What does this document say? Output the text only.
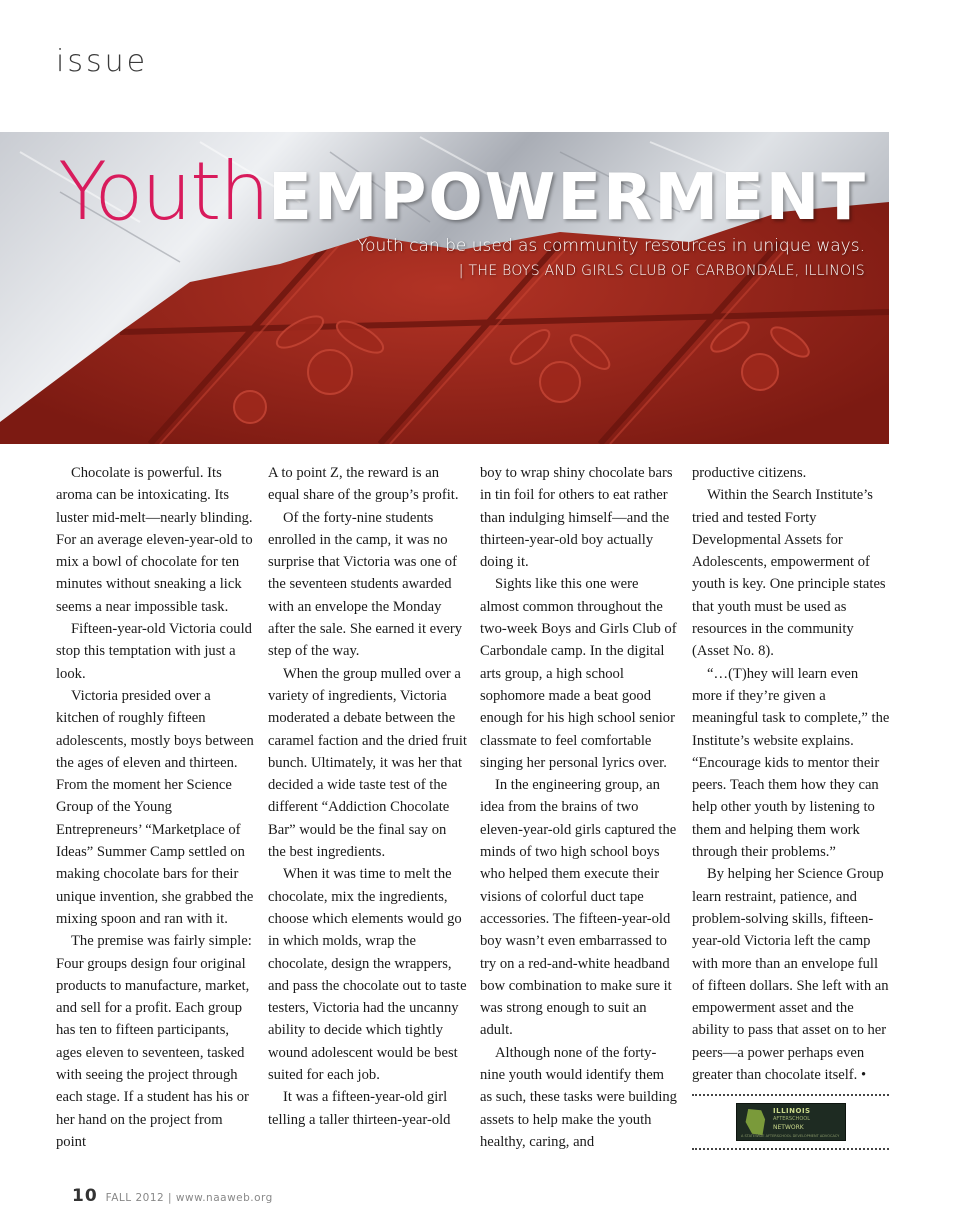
issue
YouthEMPOWERMENT
Youth can be used as community resources in unique ways.
| THE BOYS AND GIRLS CLUB OF CARBONDALE, ILLINOIS

Chocolate is powerful. Its aroma can be intoxicating. Its luster mid-melt—nearly blinding. For an average eleven-year-old to mix a bowl of chocolate for ten minutes without sneaking a lick seems a near impossible task.

Fifteen-year-old Victoria could stop this temptation with just a look.

Victoria presided over a kitchen of roughly fifteen adolescents, mostly boys between the ages of eleven and thirteen. From the moment her Science Group of the Young Entrepreneurs’ “Marketplace of Ideas” Summer Camp settled on making chocolate bars for their unique invention, she grabbed the mixing spoon and ran with it.

The premise was fairly simple: Four groups design four original products to manufacture, market, and sell for a profit. Each group has ten to fifteen participants, ages eleven to seventeen, tasked with seeing the project through each stage. If a student has his or her hand on the project from point

A to point Z, the reward is an equal share of the group’s profit.

Of the forty-nine students enrolled in the camp, it was no surprise that Victoria was one of the seventeen students awarded with an envelope the Monday after the sale. She earned it every step of the way.

When the group mulled over a variety of ingredients, Victoria moderated a debate between the caramel faction and the dried fruit bunch. Ultimately, it was her that decided a wide taste test of the different “Addiction Chocolate Bar” would be the final say on the best ingredients.

When it was time to melt the chocolate, mix the ingredients, choose which elements would go in which molds, wrap the chocolate, design the wrappers, and pass the chocolate out to taste testers, Victoria had the uncanny ability to decide which tightly wound adolescent would be best suited for each job.

It was a fifteen-year-old girl telling a taller thirteen-year-old

boy to wrap shiny chocolate bars in tin foil for others to eat rather than indulging himself—and the thirteen-year-old boy actually doing it.

Sights like this one were almost common throughout the two-week Boys and Girls Club of Carbondale camp. In the digital arts group, a high school sophomore made a beat good enough for his high school senior classmate to feel comfortable singing her personal lyrics over.

In the engineering group, an idea from the brains of two eleven-year-old girls captured the minds of two high school boys who helped them execute their visions of colorful duct tape accessories. The fifteen-year-old boy wasn’t even embarrassed to try on a red-and-white headband bow combination to make sure it was strong enough to suit an adult.

Although none of the forty-nine youth would identify them as such, these tasks were building assets to help make the youth healthy, caring, and

productive citizens.

Within the Search Institute’s tried and tested Forty Developmental Assets for Adolescents, empowerment of youth is key. One principle states that youth must be used as resources in the community (Asset No. 8).

“…(T)hey will learn even more if they’re given a meaningful task to complete,” the Institute’s website explains. “Encourage kids to mentor their peers. Teach them how they can help other youth by listening to them and helping them work through their problems.”

By helping her Science Group learn restraint, patience, and problem-solving skills, fifteen-year-old Victoria left the camp with more than an envelope full of fifteen dollars. She left with an empowerment asset and the ability to pass that asset on to her peers—a power perhaps even greater than chocolate itself. •

ILLINOIS
AFTERSCHOOL
NETWORK
A STATEWIDE AFTERSCHOOL DEVELOPMENT ADVOCACY
10 FALL 2012 | www.naaweb.org
